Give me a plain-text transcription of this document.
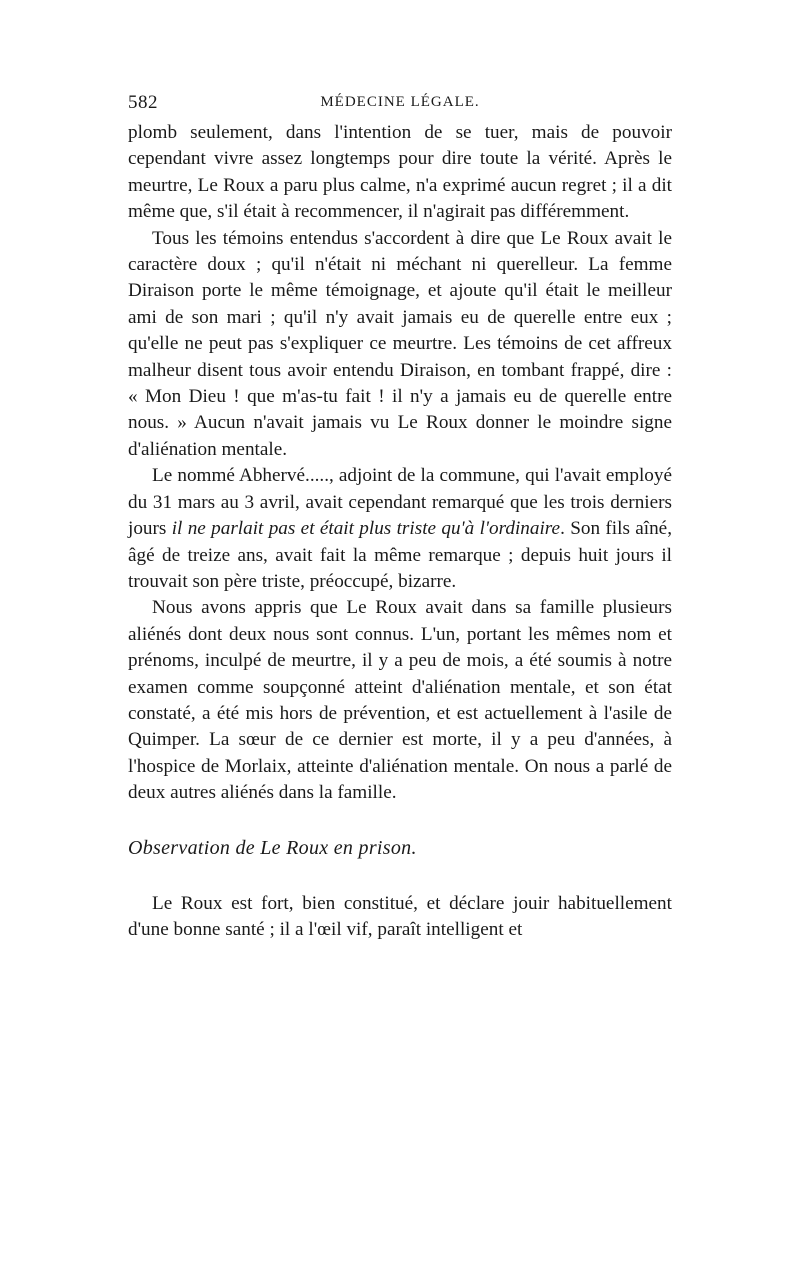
582	MÉDECINE LÉGALE.

plomb seulement, dans l'intention de se tuer, mais de pouvoir cependant vivre assez longtemps pour dire toute la vérité. Après le meurtre, Le Roux a paru plus calme, n'a exprimé aucun regret ; il a dit même que, s'il était à recommencer, il n'agirait pas différemment.

Tous les témoins entendus s'accordent à dire que Le Roux avait le caractère doux ; qu'il n'était ni méchant ni querelleur. La femme Diraison porte le même témoignage, et ajoute qu'il était le meilleur ami de son mari ; qu'il n'y avait jamais eu de querelle entre eux ; qu'elle ne peut pas s'expliquer ce meurtre. Les témoins de cet affreux malheur disent tous avoir entendu Diraison, en tombant frappé, dire : « Mon Dieu ! que m'as-tu fait ! il n'y a jamais eu de querelle entre nous. » Aucun n'avait jamais vu Le Roux donner le moindre signe d'aliénation mentale.

Le nommé Abhervé....., adjoint de la commune, qui l'avait employé du 31 mars au 3 avril, avait cependant remarqué que les trois derniers jours il ne parlait pas et était plus triste qu'à l'ordinaire. Son fils aîné, âgé de treize ans, avait fait la même remarque ; depuis huit jours il trouvait son père triste, préoccupé, bizarre.

Nous avons appris que Le Roux avait dans sa famille plusieurs aliénés dont deux nous sont connus. L'un, portant les mêmes nom et prénoms, inculpé de meurtre, il y a peu de mois, a été soumis à notre examen comme soupçonné atteint d'aliénation mentale, et son état constaté, a été mis hors de prévention, et est actuellement à l'asile de Quimper. La sœur de ce dernier est morte, il y a peu d'années, à l'hospice de Morlaix, atteinte d'aliénation mentale. On nous a parlé de deux autres aliénés dans la famille.

Observation de Le Roux en prison.

Le Roux est fort, bien constitué, et déclare jouir habituellement d'une bonne santé ; il a l'œil vif, paraît intelligent et
